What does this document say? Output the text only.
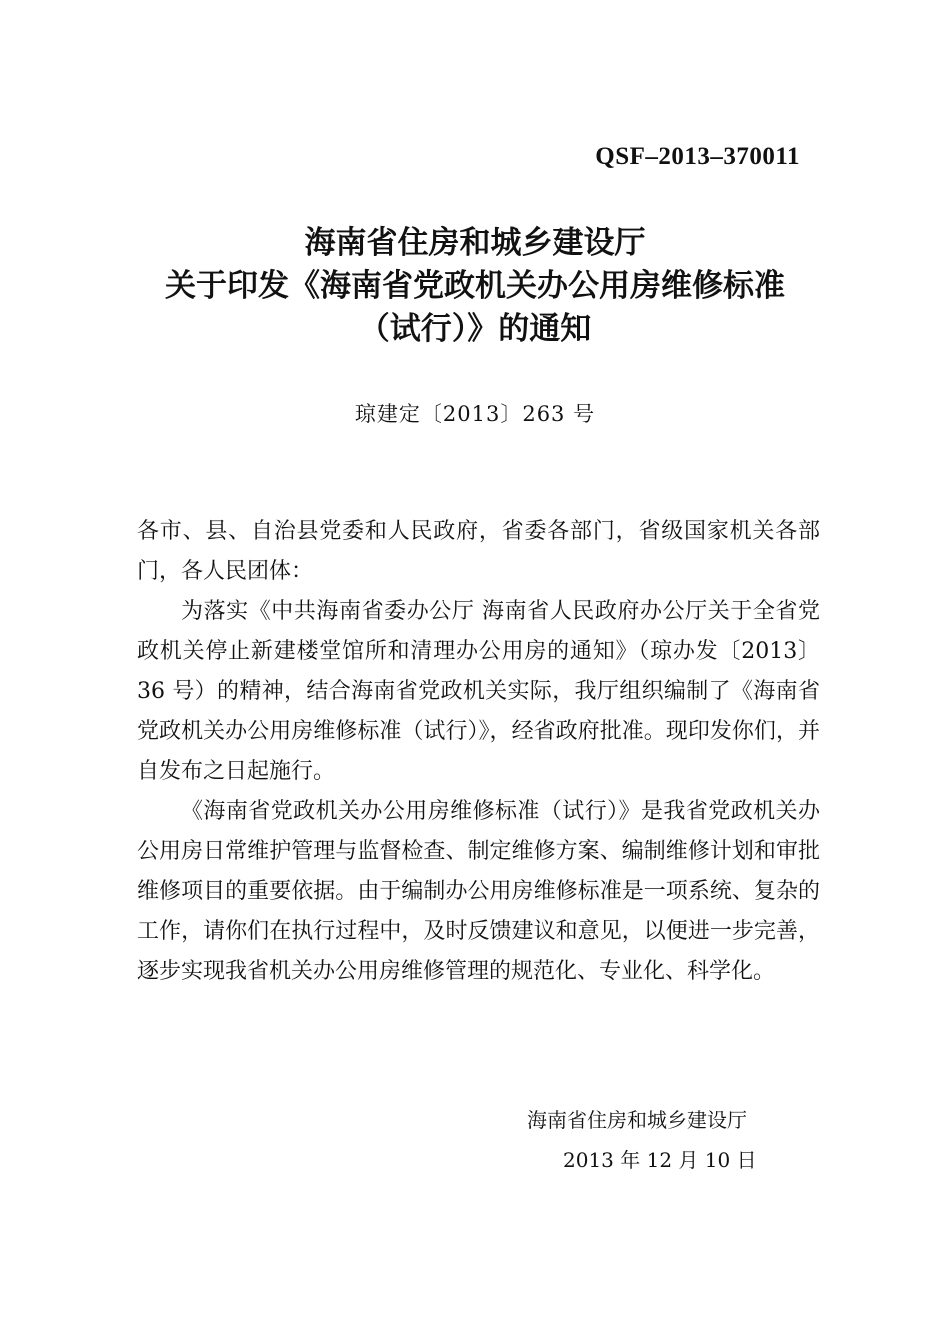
QSF–2013–370011
海南省住房和城乡建设厅
关于印发《海南省党政机关办公用房维修标准
（试行）》的通知
琼建定〔2013〕263 号

各市、县、自治县党委和人民政府，省委各部门，省级国家机关各部门，各人民团体：

为落实《中共海南省委办公厅 海南省人民政府办公厅关于全省党政机关停止新建楼堂馆所和清理办公用房的通知》（琼办发〔2013〕36 号）的精神，结合海南省党政机关实际，我厅组织编制了《海南省党政机关办公用房维修标准（试行）》，经省政府批准。现印发你们，并自发布之日起施行。

《海南省党政机关办公用房维修标准（试行）》是我省党政机关办公用房日常维护管理与监督检查、制定维修方案、编制维修计划和审批维修项目的重要依据。由于编制办公用房维修标准是一项系统、复杂的工作，请你们在执行过程中，及时反馈建议和意见，以便进一步完善，逐步实现我省机关办公用房维修管理的规范化、专业化、科学化。

海南省住房和城乡建设厅
2013 年 12 月 10 日
